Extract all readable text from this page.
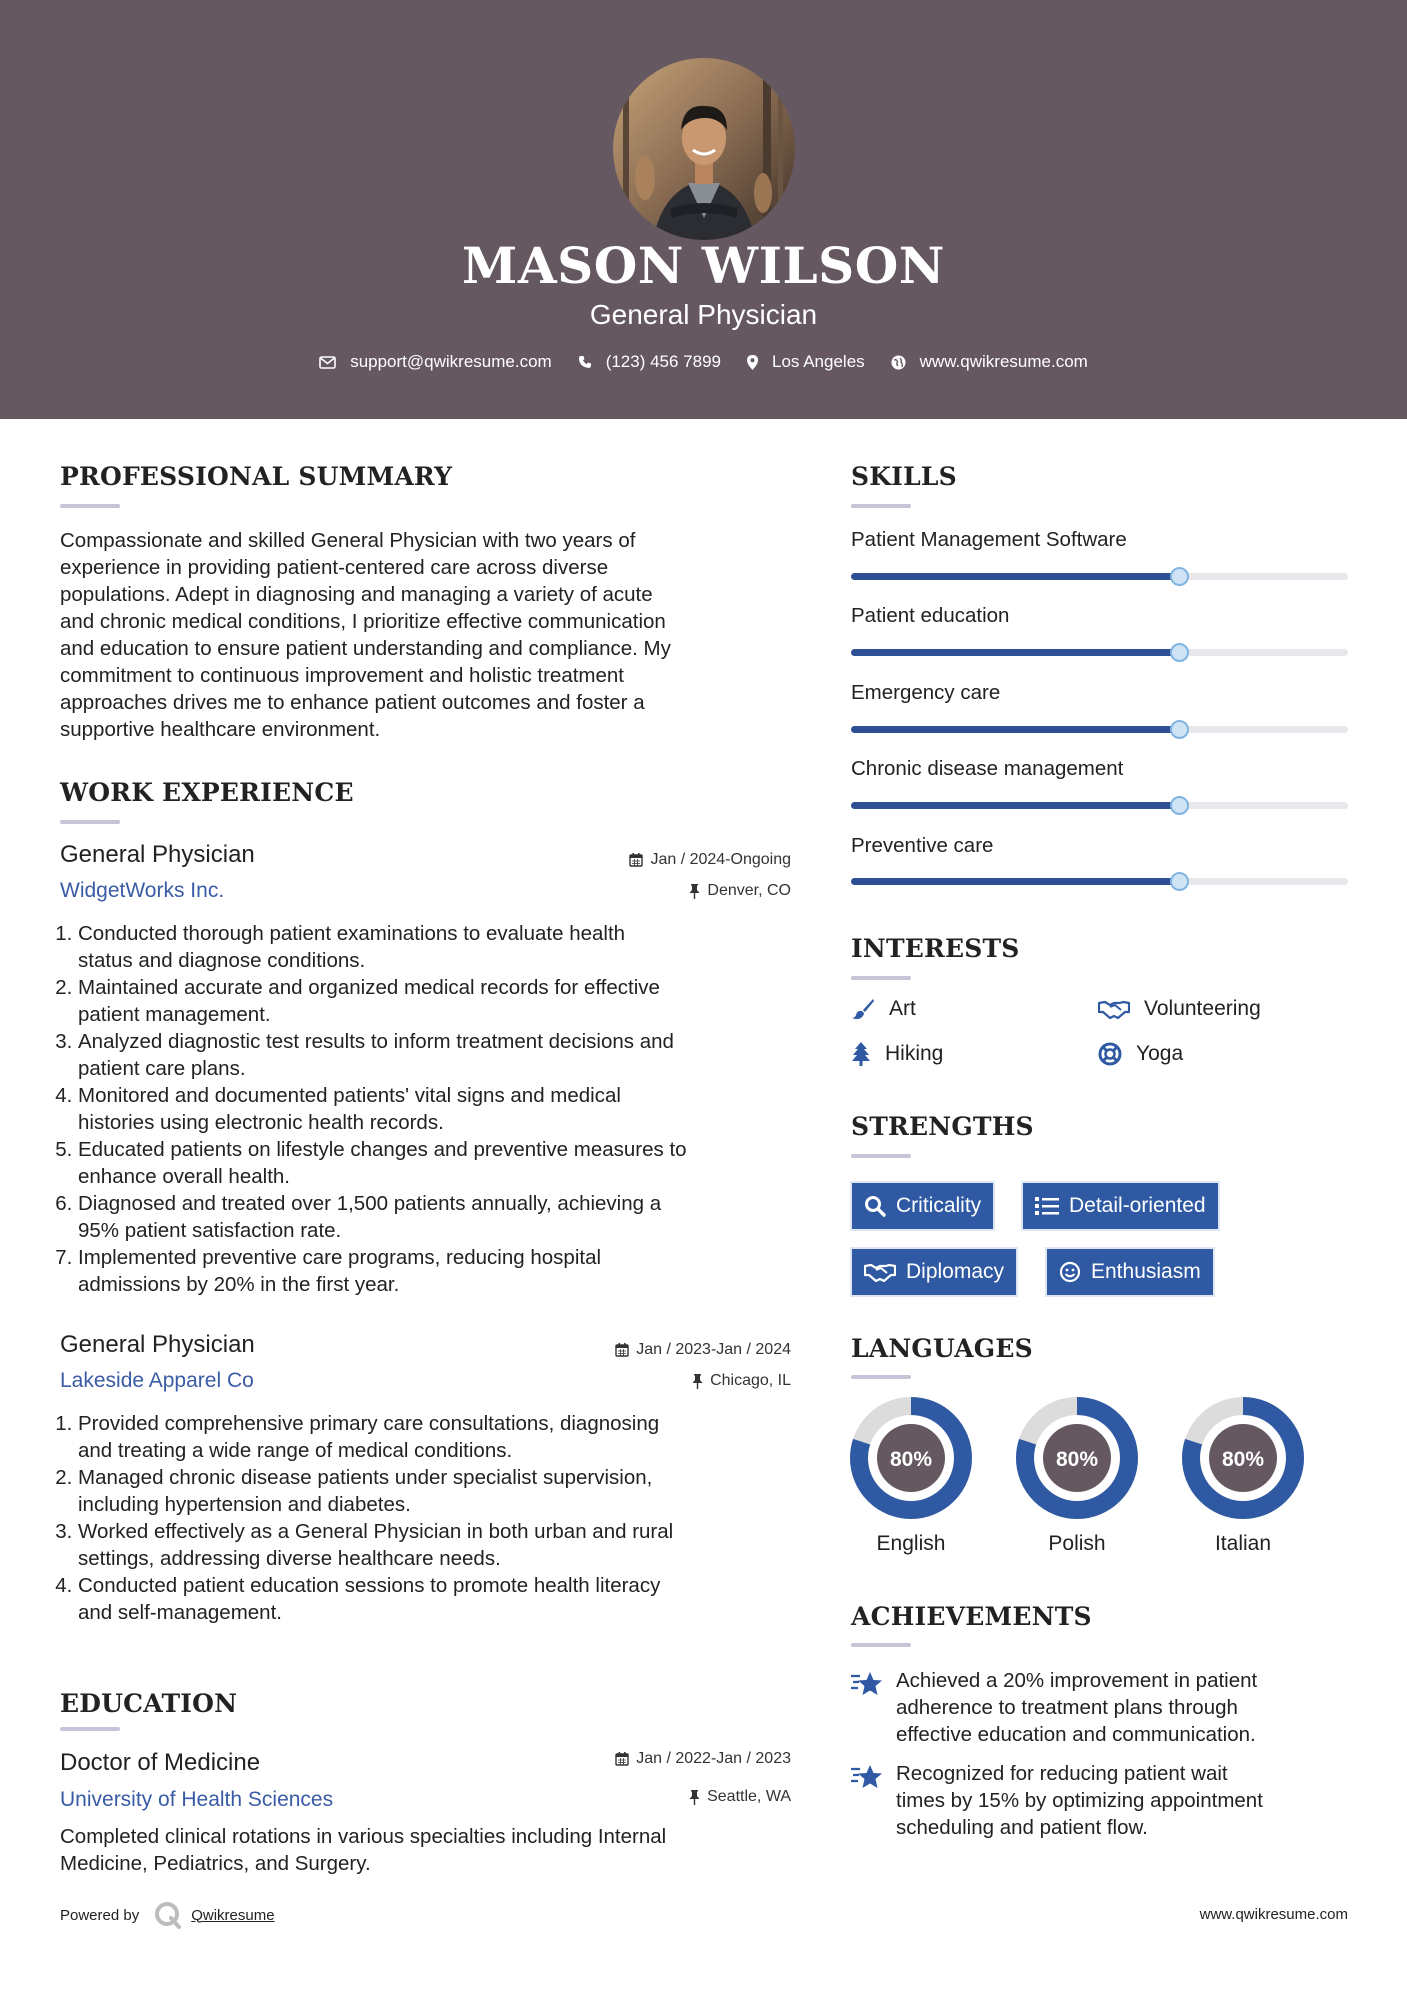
MASON WILSON
General Physician
support@qwikresume.com	(123) 456 7899	Los Angeles	www.qwikresume.com
PROFESSIONAL SUMMARY
Compassionate and skilled General Physician with two years of
experience in providing patient-centered care across diverse
populations. Adept in diagnosing and managing a variety of acute
and chronic medical conditions, I prioritize effective communication
and education to ensure patient understanding and compliance. My
commitment to continuous improvement and holistic treatment
approaches drives me to enhance patient outcomes and foster a
supportive healthcare environment.
WORK EXPERIENCE
General Physician
WidgetWorks Inc.
Jan / 2024-Ongoing
Denver, CO
1. Conducted thorough patient examinations to evaluate health
status and diagnose conditions.
2. Maintained accurate and organized medical records for effective
patient management.
3. Analyzed diagnostic test results to inform treatment decisions and
patient care plans.
4. Monitored and documented patients' vital signs and medical
histories using electronic health records.
5. Educated patients on lifestyle changes and preventive measures to
enhance overall health.
6. Diagnosed and treated over 1,500 patients annually, achieving a
95% patient satisfaction rate.
7. Implemented preventive care programs, reducing hospital
admissions by 20% in the first year.
General Physician
Lakeside Apparel Co
Jan / 2023-Jan / 2024
Chicago, IL
1. Provided comprehensive primary care consultations, diagnosing
and treating a wide range of medical conditions.
2. Managed chronic disease patients under specialist supervision,
including hypertension and diabetes.
3. Worked effectively as a General Physician in both urban and rural
settings, addressing diverse healthcare needs.
4. Conducted patient education sessions to promote health literacy
and self-management.
EDUCATION
Doctor of Medicine
University of Health Sciences
Jan / 2022-Jan / 2023
Seattle, WA
Completed clinical rotations in various specialties including Internal
Medicine, Pediatrics, and Surgery.
SKILLS
Patient Management Software
Patient education
Emergency care
Chronic disease management
Preventive care
INTERESTS
Art	Volunteering
Hiking	Yoga
STRENGTHS
Criticality	Detail-oriented
Diplomacy	Enthusiasm
LANGUAGES
80%
English
80%
Polish
80%
Italian
ACHIEVEMENTS
Achieved a 20% improvement in patient
adherence to treatment plans through
effective education and communication.
Recognized for reducing patient wait
times by 15% by optimizing appointment
scheduling and patient flow.
Powered by	Qwikresume	www.qwikresume.com
